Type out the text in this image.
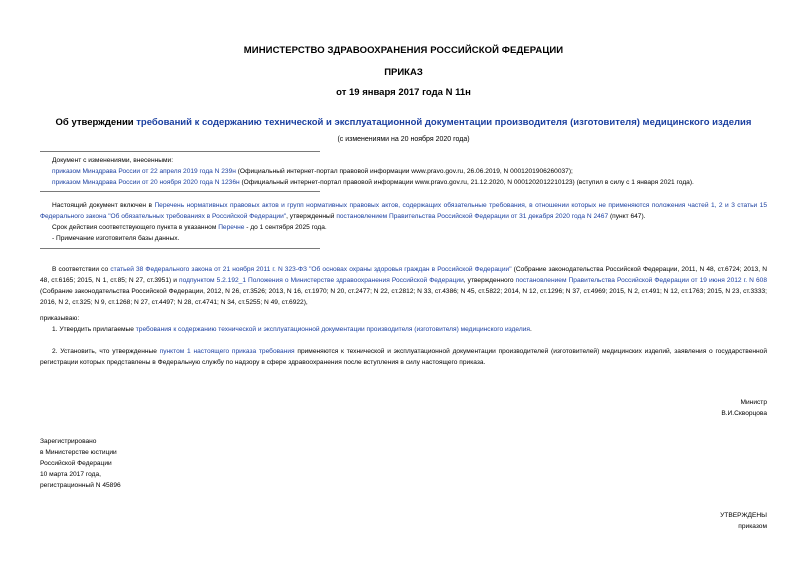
МИНИСТЕРСТВО ЗДРАВООХРАНЕНИЯ РОССИЙСКОЙ ФЕДЕРАЦИИ
ПРИКАЗ
от 19 января 2017 года N 11н
Об утверждении требований к содержанию технической и эксплуатационной документации производителя (изготовителя) медицинского изделия
(с изменениями на 20 ноября 2020 года)
Документ с изменениями, внесенными:
приказом Минздрава России от 22 апреля 2019 года N 239н (Официальный интернет-портал правовой информации www.pravo.gov.ru, 26.06.2019, N 0001201906260037);
приказом Минздрава России от 20 ноября 2020 года N 1236н (Официальный интернет-портал правовой информации www.pravo.gov.ru, 21.12.2020, N 0001202012210123) (вступил в силу с 1 января 2021 года).
Настоящий документ включен в Перечень нормативных правовых актов и групп нормативных правовых актов, содержащих обязательные требования, в отношении которых не применяются положения частей 1, 2 и 3 статьи 15 Федерального закона "Об обязательных требованиях в Российской Федерации", утвержденный постановлением Правительства Российской Федерации от 31 декабря 2020 года N 2467 (пункт 647).
Срок действия соответствующего пункта в указанном Перечне - до 1 сентября 2025 года.
- Примечание изготовителя базы данных.
В соответствии со статьей 38 Федерального закона от 21 ноября 2011 г. N 323-ФЗ "Об основах охраны здоровья граждан в Российской Федерации" (Собрание законодательства Российской Федерации, 2011, N 48, ст.6724; 2013, N 48, ст.6165; 2015, N 1, ст.85; N 27, ст.3951) и подпунктом 5.2.192_1 Положения о Министерстве здравоохранения Российской Федерации, утвержденного постановлением Правительства Российской Федерации от 19 июня 2012 г. N 608 (Собрание законодательства Российской Федерации, 2012, N 26, ст.3526; 2013, N 16, ст.1970; N 20, ст.2477; N 22, ст.2812; N 33, ст.4386; N 45, ст.5822; 2014, N 12, ст.1296; N 37, ст.4969; 2015, N 2, ст.491; N 12, ст.1763; 2015, N 23, ст.3333; 2016, N 2, ст.325; N 9, ст.1268; N 27, ст.4497; N 28, ст.4741; N 34, ст.5255; N 49, ст.6922),
приказываю:
1. Утвердить прилагаемые требования к содержанию технической и эксплуатационной документации производителя (изготовителя) медицинского изделия.
2. Установить, что утвержденные пунктом 1 настоящего приказа требования применяются к технической и эксплуатационной документации производителей (изготовителей) медицинских изделий, заявления о государственной регистрации которых представлены в Федеральную службу по надзору в сфере здравоохранения после вступления в силу настоящего приказа.
Министр
В.И.Скворцова
Зарегистрировано
в Министерстве юстиции
Российской Федерации
10 марта 2017 года,
регистрационный N 45896
УТВЕРЖДЕНЫ
приказом
